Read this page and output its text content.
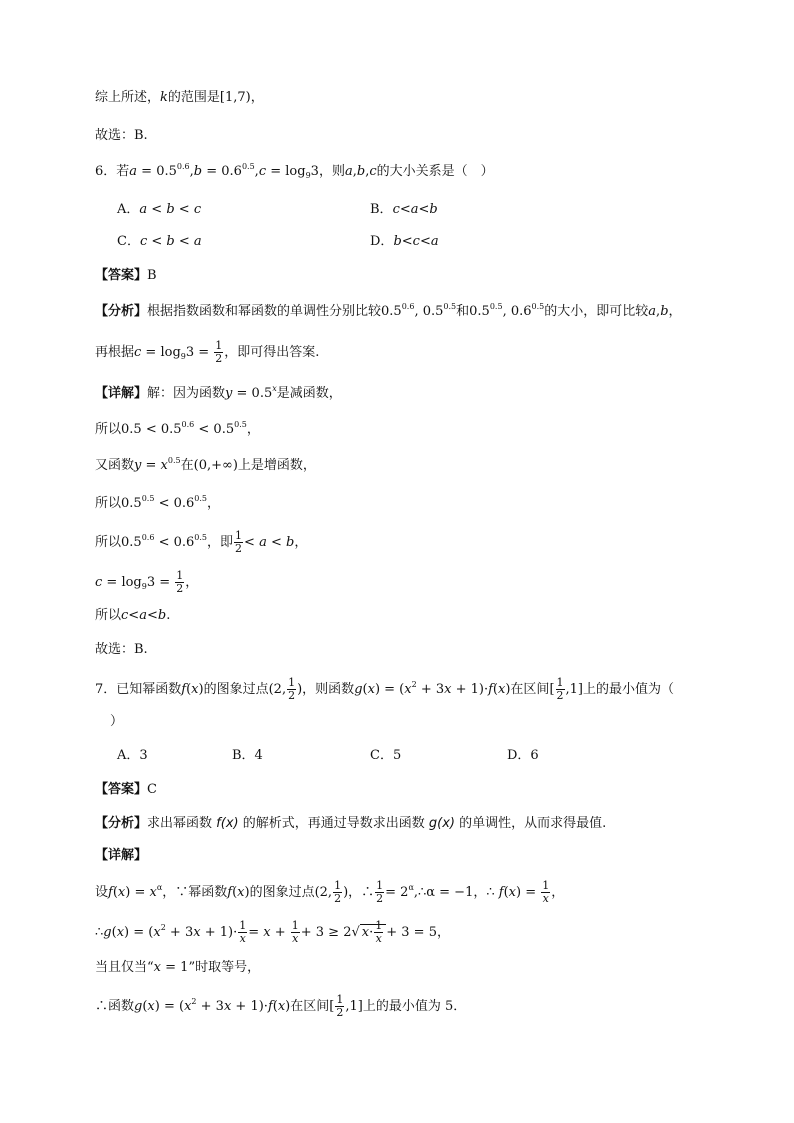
综上所述，k的范围是[1,7)，
故选：B.
6．若$a = 0.5^{0.6},b = 0.6^{0.5},c = \log_93$，则a,b,c的大小关系是（　）
A．a < b < c	B．c<a<b
C．c < b < a	D．b<c<a
【答案】B
【分析】根据指数函数和幂函数的单调性分别比较$0.5^{0.6}$, $0.5^{0.5}$和$0.5^{0.5}$, $0.6^{0.5}$的大小，即可比较a,b，
再根据$c = \log_93 = \frac{1}{2}$ ，即可得出答案.
【详解】解：因为函数$y = 0.5^x$是减函数，
所以$0.5 < 0.5^{0.6} < 0.5^{0.5}$，
又函数$y = x^{0.5}$在(0,+∞)上是增函数，
所以$0.5^{0.5} < 0.6^{0.5}$，
所以$0.5^{0.6} < 0.6^{0.5}$，即 $\frac{1}{2} < a < b$，
$c = \log_93 = \frac{1}{2}$ ，
所以c<a<b.
故选：B.
7．已知幂函数f(x)的图象过点(2, $\frac{1}{2}$ )，则函数$g(x) = (x^2 + 3x + 1)\cdot f(x)$在区间[ $\frac{1}{2} ,1$]上的最小值为（
）
A．3	B．4	C．5	D．6
【答案】C
【分析】求出幂函数 f(x) 的解析式，再通过导数求出函数 g(x) 的单调性，从而求得最值.
【详解】
设$f(x) = x^\alpha$，∵幂函数f(x)的图象过点(2, $\frac{1}{2}$ )，∴ $\frac{1}{2}$ = $2^\alpha,\therefore\alpha = -1$，∴ $f(x) = \frac{1}{x}$ ，
∴g(x) = $(x^2 + 3x + 1)\cdot \frac{1}{x} = x + \frac{1}{x} + 3 \ge 2√$ $x\cdot \frac{1}{x} + 3 = 5$，
当且仅当“x = 1”时取等号，
∴函数$g(x) = (x^2 + 3x + 1)\cdot f(x)$在区间[ $\frac{1}{2} ,1$]上的最小值为 5．
